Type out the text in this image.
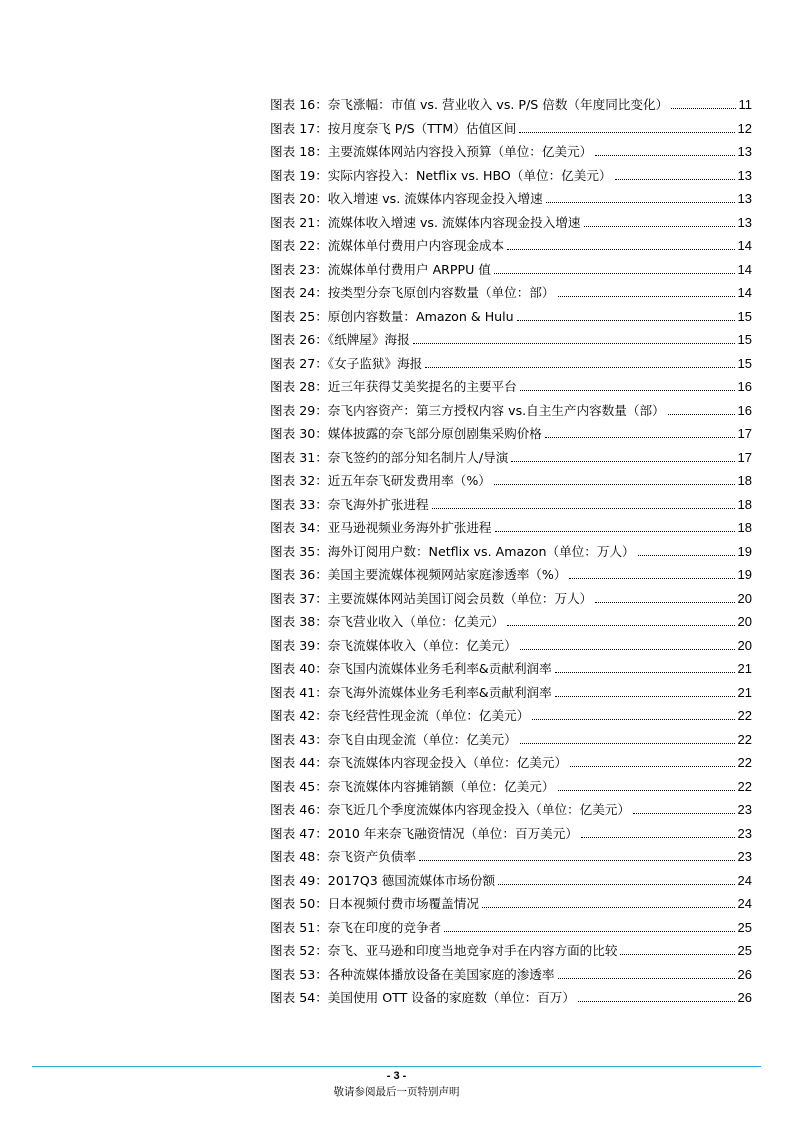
图表 16：奈飞涨幅：市值 vs. 营业收入 vs. P/S 倍数（年度同比变化）	11
图表 17：按月度奈飞 P/S（TTM）估值区间	12
图表 18：主要流媒体网站内容投入预算（单位：亿美元）	13
图表 19：实际内容投入：Netflix vs. HBO（单位：亿美元）	13
图表 20：收入增速 vs. 流媒体内容现金投入增速	13
图表 21：流媒体收入增速 vs. 流媒体内容现金投入增速	13
图表 22：流媒体单付费用户内容现金成本	14
图表 23：流媒体单付费用户 ARPPU 值	14
图表 24：按类型分奈飞原创内容数量（单位：部）	14
图表 25：原创内容数量：Amazon & Hulu	15
图表 26：《纸牌屋》海报	15
图表 27：《女子监狱》海报	15
图表 28：近三年获得艾美奖提名的主要平台	16
图表 29：奈飞内容资产：第三方授权内容 vs.自主生产内容数量（部）	16
图表 30：媒体披露的奈飞部分原创剧集采购价格	17
图表 31：奈飞签约的部分知名制片人/导演	17
图表 32：近五年奈飞研发费用率（%）	18
图表 33：奈飞海外扩张进程	18
图表 34：亚马逊视频业务海外扩张进程	18
图表 35：海外订阅用户数：Netflix vs. Amazon（单位：万人）	19
图表 36：美国主要流媒体视频网站家庭渗透率（%）	19
图表 37：主要流媒体网站美国订阅会员数（单位：万人）	20
图表 38：奈飞营业收入（单位：亿美元）	20
图表 39：奈飞流媒体收入（单位：亿美元）	20
图表 40：奈飞国内流媒体业务毛利率&贡献利润率	21
图表 41：奈飞海外流媒体业务毛利率&贡献利润率	21
图表 42：奈飞经营性现金流（单位：亿美元）	22
图表 43：奈飞自由现金流（单位：亿美元）	22
图表 44：奈飞流媒体内容现金投入（单位：亿美元）	22
图表 45：奈飞流媒体内容摊销额（单位：亿美元）	22
图表 46：奈飞近几个季度流媒体内容现金投入（单位：亿美元）	23
图表 47：2010 年来奈飞融资情况（单位：百万美元）	23
图表 48：奈飞资产负债率	23
图表 49：2017Q3 德国流媒体市场份额	24
图表 50：日本视频付费市场覆盖情况	24
图表 51：奈飞在印度的竞争者	25
图表 52：奈飞、亚马逊和印度当地竞争对手在内容方面的比较	25
图表 53：各种流媒体播放设备在美国家庭的渗透率	26
图表 54：美国使用 OTT 设备的家庭数（单位：百万）	26
- 3 -
敬请参阅最后一页特别声明
